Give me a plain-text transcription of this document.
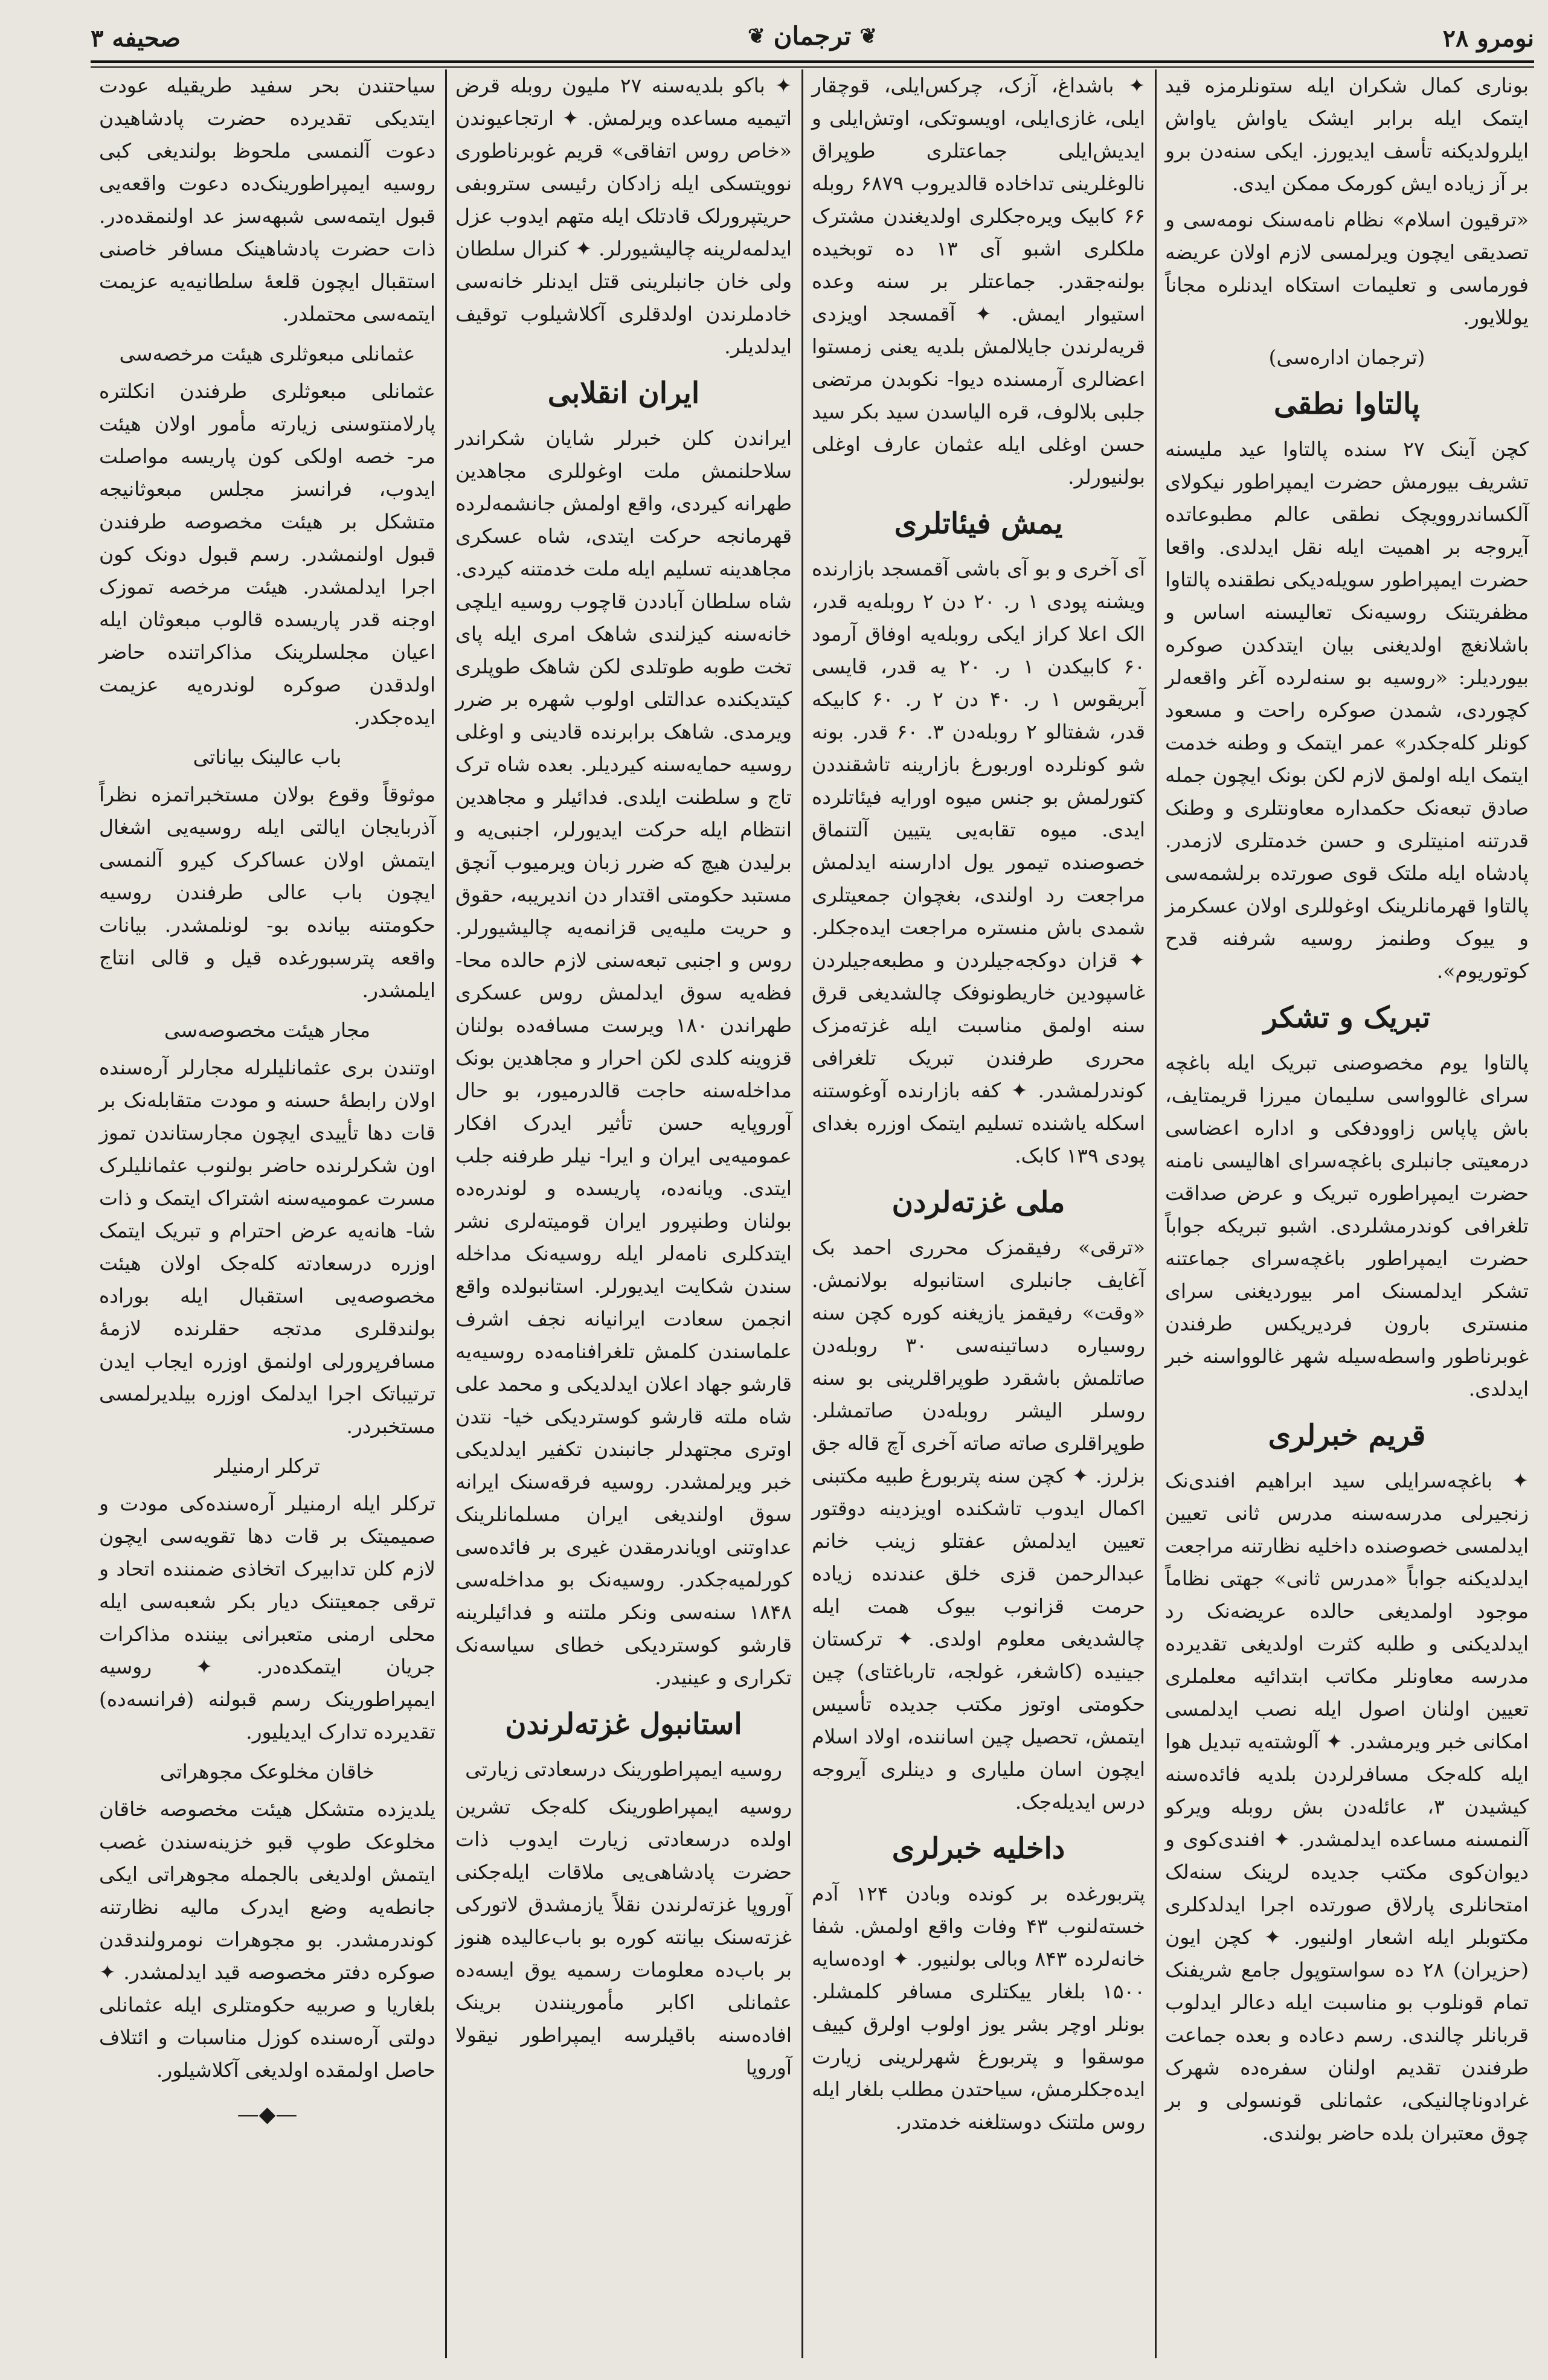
نومرو ۲۸
❦
ترجمان
❦
صحیفه ۳

بوناری کمال شکران ایله ستونلرمزه قید ایتمک ایله برابر ایشک یاواش یاواش ایلرولدیکنه تأسف ایدیورز. ایکی سنه‌دن برو بر آز زیاده ایش کورمک ممکن ایدی.

«ترقیون اسلام» نظام نامه‌سنک نومه‌سی و تصدیقی ایچون ویرلمسی لازم اولان عریضه فورماسی و تعلیمات استکاه ایدنلره مجاناً یوللایور.

(ترجمان اداره‌سی)
پالتاوا نطقی

کچن آینک ۲۷ سنده پالتاوا عید ملیسنه تشریف بیورمش حضرت ایمپراطور نیکولای آلکساندروویچک نطقی عالم مطبوعاتده آیروجه بر اهمیت ایله نقل ایدلدی. واقعا حضرت ایمپراطور سویله‌دیکی نطقنده پالتاوا مظفریتنک روسیه‌نک تعالیسنه اساس و باشلانغچ اولدیغنی بیان ایتدکدن صوکره بیوردیلر: «روسیه بو سنه‌لرده آغر واقعه‌لر کچوردی، شمدن صوکره راحت و مسعود کونلر کله‌جکدر» عمر ایتمک و وطنه خدمت ایتمک ایله اولمق لازم لکن بونک ایچون جمله صادق تبعه‌نک حکمداره معاونتلری و وطنک قدرتنه امنیتلری و حسن خدمتلری لازمدر. پادشاه ایله ملتک قوی صورتده برلشمه‌سی پالتاوا قهرمانلرینک اوغوللری اولان عسکرمز و ییوک وطنمز روسیه شرفنه قدح کوتوریوم».

تبریک و تشکر

پالتاوا یوم مخصوصنی تبریک ایله باغچه سرای غالوواسی سلیمان میرزا قریمتایف، باش پاپاس زاوودفکی و اداره اعضاسی درمعیتی جانبلری باغچه‌سرای اهالیسی نامنه حضرت ایمپراطوره تبریک و عرض صداقت تلغرافی کوندرمشلردی. اشبو تبریکه جواباً حضرت ایمپراطور باغچه‌سرای جماعتنه تشکر ایدلمسنک امر بیوردیغنی سرای منستری بارون فردیریکس طرفندن غوبرناطور واسطه‌سیله شهر غالوواسنه خبر ایدلدی.

قریم خبرلری

✦ باغچه‌سرایلی سید ابراهیم افندی‌نک زنجیرلی مدرسه‌سنه مدرس ثانی تعیین ایدلمسی خصوصنده داخلیه نظارتنه مراجعت ایدلدیکنه جواباً «مدرس ثانی» جهتی نظاماً موجود اولمدیغی حالده عریضه‌نک رد ایدلدیکنی و طلبه کثرت اولدیغی تقدیرده مدرسه معاونلر مکاتب ابتدائیه معلملری تعیین اولنان اصول ایله نصب ایدلمسی امکانی خبر ویرمشدر. ✦ آلوشته‌یه تبدیل هوا ایله کله‌جک مسافرلردن بلدیه فائده‌سنه کیشیدن ۳، عائله‌دن بش روبله ویرکو آلنمسنه مساعده ایدلمشدر. ✦ افندی‌کوی و دیوان‌کوی مکتب جدیده لرینک سنه‌لک امتحانلری پارلاق صورتده اجرا ایدلدکلری مکتوبلر ایله اشعار اولنیور. ✦ کچن ایون (حزیران) ۲۸ ده سواستوپول جامع شریفنک تمام قونلوب بو مناسبت ایله دعالر ایدلوب قربانلر چالندی. رسم دعاده و بعده جماعت طرفندن تقدیم اولنان سفره‌ده شهرک غرادوناچالنیکی، عثمانلی قونسولی و بر چوق معتبران بلده حاضر بولندی.

✦ باشداغ، آزک، چرکس‌ایلی، قوچقار ایلی، غازی‌ایلی، اویسوتکی، اوتش‌ایلی و ایدیش‌ایلی جماعتلری طوپراق نالوغلرینی تداخاده قالدیروب ۶۸۷۹ روبله ۶۶ کابیک ویره‌جکلری اولدیغندن مشترک ملکلری اشبو آی ۱۳ ده توبخیده بولنه‌جقدر. جماعتلر بر سنه وعده استیوار ایمش. ✦ آقمسجد اویزدی قریه‌لرندن جایلالمش بلدیه یعنی زمستوا اعضالری آرمسنده دیوا- نکوبدن مرتضی جلبی بلالوف، قره الیاسدن سید بکر سید حسن اوغلی ایله عثمان عارف اوغلی بولنیورلر.

یمش فیئاتلری

آی آخری و بو آی باشی آقمسجد بازارنده ویشنه پودی ۱ ر. ۲۰ دن ۲ روبله‌یه قدر، الک اعلا کراز ایکی روبله‌یه اوفاق آرمود ۶۰ کابیکدن ۱ ر. ۲۰ یه قدر، قایسی آبریقوس ۱ ر. ۴۰ دن ۲ ر. ۶۰ کابیکه قدر، شفتالو ۲ روبله‌دن ۳. ۶۰ قدر. بونه شو کونلرده اوربورغ بازارینه تاشقنددن کتورلمش بو جنس میوه اورایه فیئاتلرده ایدی. میوه تقابه‌یی یتیین آلتنماق خصوصنده تیمور یول ادارسنه ایدلمش مراجعت رد اولندی، بغچوان جمعیتلری شمدی باش منستره مراجعت ایده‌جکلر. ✦ قزان دوکجه‌جیلردن و مطبعه‌جیلردن غاسپودین خاریطونوفک چالشدیغی قرق سنه اولمق مناسبت ایله غزته‌مزک محرری طرفندن تبریک تلغرافی کوندرلمشدر. ✦ کفه بازارنده آوغوستنه اسکله یاشنده تسلیم ایتمک اوزره بغدای پودی ۱۳۹ کابک.

ملی غزته‌لردن

«ترقی» رفیقمزک محرری احمد بک آغایف جانبلری استانبوله بولانمش. «وقت» رفیقمز یازیغنه کوره کچن سنه روسیاره دساتینه‌سی ۳۰ روبله‌دن صاتلمش باشقرد طوپراقلرینی بو سنه روسلر الیشر روبله‌دن صاتمشلر. طوپراقلری صاته صاته آخری آچ قاله جق بزلرز. ✦ کچن سنه پتربورغ طبیه مکتبنی اکمال ایدوب تاشکنده اویزدینه دوقتور تعیین ایدلمش عفتلو زینب خانم عبدالرحمن قزی خلق عندنده زیاده حرمت قزانوب بیوک همت ایله چالشدیغی معلوم اولدی. ✦ ترکستان جینیده (کاشغر، غولجه، تارباغتای) چین حکومتی اوتوز مکتب جدیده تأسیس ایتمش، تحصیل چین اساننده، اولاد اسلام ایچون اسان ملیاری و دینلری آیروجه درس ایدیله‌جک.

داخلیه خبرلری

پتربورغده بر کونده وبادن ۱۲۴ آدم خسته‌لنوب ۴۳ وفات واقع اولمش. شفا خانه‌لرده ۸۴۳ وبالی بولنیور. ✦ اوده‌سایه ۱۵۰۰ بلغار ییکتلری مسافر کلمشلر. بونلر اوچر بشر یوز اولوب اولرق کییف موسقوا و پتربورغ شهرلرینی زیارت ایده‌جکلرمش، سیاحتدن مطلب بلغار ایله روس ملتنک دوستلغنه خدمتدر.

✦ باکو بلدیه‌سنه ۲۷ ملیون روبله قرض اتیمیه مساعده ویرلمش. ✦ ارتجاعیوندن «خاص روس اتفاقی» قریم غوبرناطوری نوویتسکی ایله زادکان رئیسی ستروبفی حریتپرورلک قادتلک ایله متهم ایدوب عزل ایدلمه‌لرینه چالیشیورلر. ✦ کنرال سلطان ولی خان جانبلرینی قتل ایدنلر خانه‌سی خادملرندن اولدقلری آکلاشیلوب توقیف ایدلدیلر.

ایران انقلابی

ایراندن کلن خبرلر شایان شکراندر سلاحلنمش ملت اوغوللری مجاهدین طهرانه کیردی، واقع اولمش جانشمه‌لرده قهرمانجه حرکت ایتدی، شاه عسکری مجاهدینه تسلیم ایله ملت خدمتنه کیردی. شاه سلطان آباددن قاچوب روسیه ایلچی خانه‌سنه کیزلندی شاهک امری ایله پای تخت طوبه طوتلدی لکن شاهک طوپلری کیتدیکنده عدالتلی اولوب شهره بر ضرر ویرمدی. شاهک برابرنده قادینی و اوغلی روسیه حمایه‌سنه کیردیلر. بعده شاه ترک تاج و سلطنت ایلدی. فدائیلر و مجاهدین انتظام ایله حرکت ایدیورلر، اجنبی‌یه و برلیدن هیچ که ضرر زبان ویرمیوب آنچق مستبد حکومتی اقتدار دن اندیریبه، حقوق و حریت ملیه‌یی قزانمه‌یه چالیشیورلر. روس و اجنبی تبعه‌سنی لازم حالده محا- فظه‌یه سوق ایدلمش روس عسکری طهراندن ۱۸۰ ویرست مسافه‌ده بولنان قزوینه کلدی لکن احرار و مجاهدین بونک مداخله‌سنه حاجت قالدرمیور، بو حال آوروپایه حسن تأثیر ایدرک افکار عمومیه‌یی ایران و ایرا- نیلر طرفنه جلب ایتدی. ویانه‌ده، پاریسده و لوندره‌ده بولنان وطنپرور ایران قومیته‌لری نشر ایتدکلری نامه‌لر ایله روسیه‌نک مداخله‌ سندن شکایت ایدیورلر. استانبولده واقع انجمن سعادت ایرانیانه نجف اشرف علماسندن کلمش تلغرافنامه‌ده روسیه‌یه قارشو جهاد اعلان ایدلدیکی و محمد علی شاه ملته قارشو کوستردیکی خیا- نتدن اوتری مجتهدلر جانبندن تکفیر ایدلدیکی خبر ویرلمشدر. روسیه فرقه‌سنک ایرانه سوق اولندیغی ایران مسلمانلرینک عداوتنی اویاندرمقدن غیری بر فائده‌سی کورلمیه‌جکدر. روسیه‌نک بو مداخله‌سی ۱۸۴۸ سنه‌سی ونکر ملتنه و فدائیلرینه قارشو کوستردیکی خطای سیاسه‌نک تکراری و عینیدر.

استانبول غزته‌لرندن
روسیه ایمپراطورینک درسعادتی زیارتی

روسیه ایمپراطورینک کله‌جک تشرین اولده درسعادتی زیارت ایدوب ذات حضرت پادشاهی‌یی ملاقات ایله‌جکنی آوروپا غزته‌لرندن نقلاً یازمشدق لاتورکی غزته‌سنک بیانته کوره بو باب‌عالیده هنوز بر باب‌ده معلومات رسمیه یوق ایسه‌ده عثمانلی اکابر مأمورینندن برینک افاده‌سنه باقیلرسه ایمپراطور نیقولا آوروپا

سیاحتندن بحر سفید طریقیله عودت ایتدیکی تقدیرده حضرت پادشاهیدن دعوت آلنمسی ملحوظ بولندیغی کبی روسیه ایمپراطورینک‌ده دعوت واقعه‌یی قبول ایتمه‌سی شبهه‌سز عد اولنمقده‌در. ذات حضرت پادشاهینک مسافر خاصنی استقبال ایچون قلعهٔ سلطانیه‌یه عزیمت ایتمه‌سی محتملدر.

عثمانلی مبعوثلری هیئت مرخصه‌سی

عثمانلی مبعوثلری طرفندن انکلتره پارلامنتوسنی زیارته مأمور اولان هیئت مر- خصه اولکی کون پاریسه مواصلت ایدوب، فرانسز مجلس مبعوثانیجه متشکل بر هیئت مخصوصه طرفندن قبول اولنمشدر. رسم قبول دونک کون اجرا ایدلمشدر. هیئت مرخصه تموزک اوجنه قدر پاریسده قالوب مبعوثان ایله اعیان مجلسلرینک مذاکراتنده حاضر اولدقدن صوکره لوندره‌یه عزیمت ایده‌جکدر.

باب عالینک بیاناتی

موثوقاً وقوع بولان مستخبراتمزه نظراً آذربایجان ایالتی ایله روسیه‌یی اشغال ایتمش اولان عساکرک کیرو آلنمسی ایچون باب عالی طرفندن روسیه حکومتنه بیانده بو- لونلمشدر. بیانات واقعه پترسبورغده قیل و قالی انتاج ایلمشدر.

مجار هیئت مخصوصه‌سی

اوتندن بری عثمانلیلرله مجارلر آره‌سنده اولان رابطهٔ حسنه و مودت متقابله‌نک بر قات دها تأییدی ایچون مجارستاندن تموز اون شکرلرنده حاضر بولنوب عثمانلیلرک مسرت عمومیه‌سنه اشتراک ایتمک و ذات شا- هانه‌یه عرض احترام و تبریک ایتمک اوزره درسعادته کله‌جک اولان هیئت مخصوصه‌یی استقبال ایله بوراده بولندقلری مدتجه حقلرنده لازمهٔ مسافرپرورلی اولنمق اوزره ایجاب ایدن ترتیباتک اجرا ایدلمک اوزره بیلدیرلمسی مستخبردر.

ترکلر ارمنیلر

ترکلر ایله ارمنیلر آره‌سنده‌کی مودت و صمیمیتک بر قات دها تقویه‌سی ایچون لازم کلن تدابیرک اتخاذی ضمننده اتحاد و ترقی جمعیتنک دیار بکر شعبه‌سی ایله محلی ارمنی متعبرانی بیننده مذاکرات جریان ایتمکده‌در. ✦ روسیه ایمپراطورینک رسم قبولنه (فرانسه‌ده) تقدیرده تدارک ایدیلیور.

خاقان مخلوعک مجوهراتی

یلدیزده متشکل هیئت مخصوصه خاقان مخلوعک طوپ قبو خزینه‌سندن غصب ایتمش اولدیغی بالجمله مجوهراتی ایکی جانطه‌یه وضع ایدرک مالیه نظارتنه کوندرمشدر. بو مجوهرات نومرولندقدن صوکره دفتر مخصوصه قید ایدلمشدر. ✦ بلغاریا و صربیه حکومتلری ایله عثمانلی دولتی آره‌سنده کوزل مناسبات و ائتلاف حاصل اولمقده اولدیغی آکلاشیلور.

—◆—
